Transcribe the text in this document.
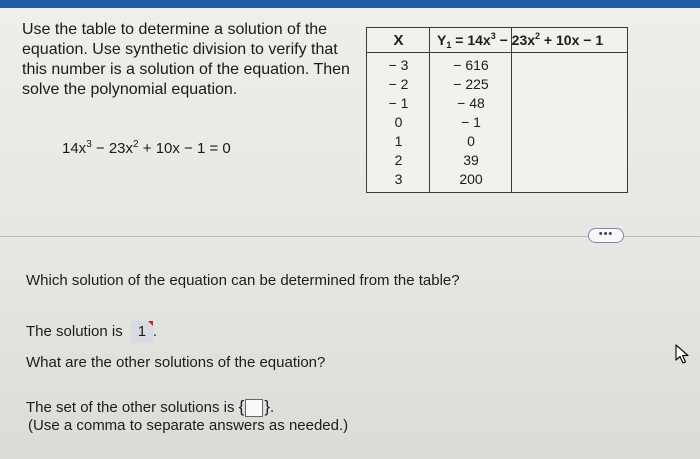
Use the table to determine a solution of the equation. Use synthetic division to verify that this number is a solution of the equation. Then solve the polynomial equation.
$14x^3 - 23x^2 + 10x - 1 = 0$
X	$Y_1 = 14x^3 - 23x^2 + 10x - 1$
− 3	− 616
− 2	− 225
− 1	− 48
0	− 1
1	0
2	39
3	200
•••
Which solution of the equation can be determined from the table?
The solution is 1 .
What are the other solutions of the equation?
The set of the other solutions is { }.
(Use a comma to separate answers as needed.)
